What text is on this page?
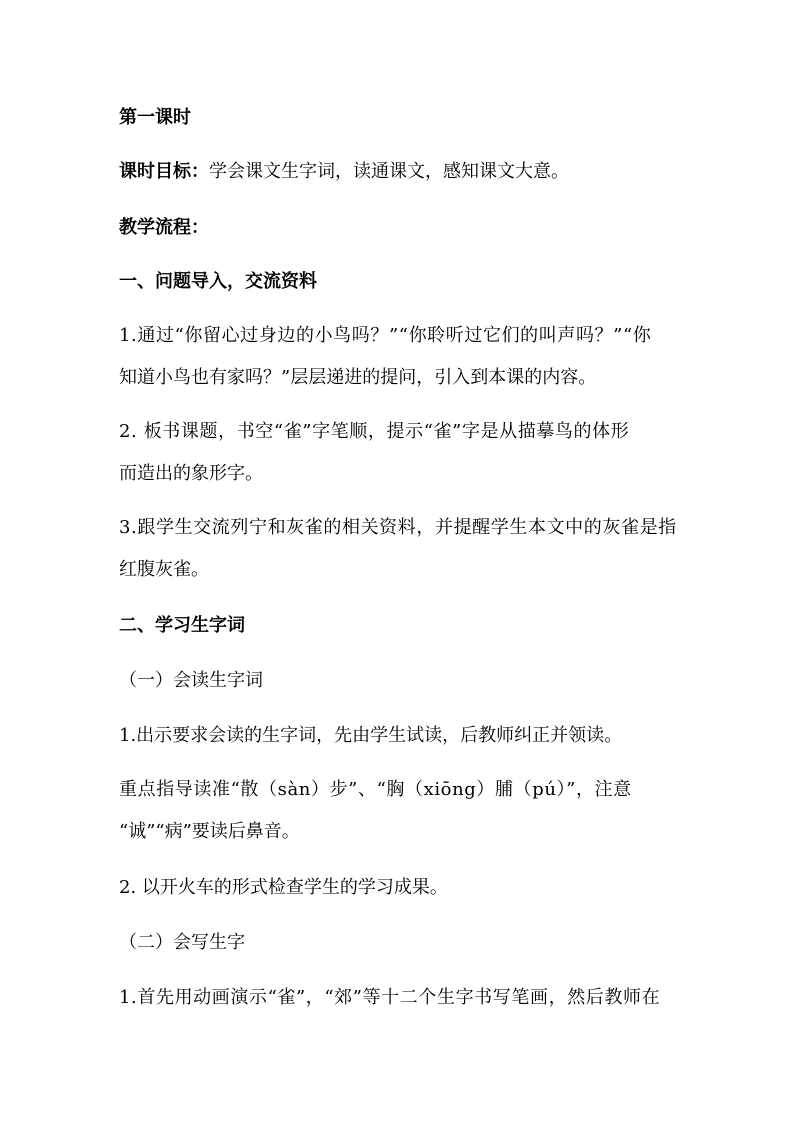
第一课时
课时目标：学会课文生字词，读通课文，感知课文大意。
教学流程：
一、问题导入，交流资料
1.通过“你留心过身边的小鸟吗？”“你聆听过它们的叫声吗？”“你
知道小鸟也有家吗？”层层递进的提问，引入到本课的内容。
2. 板书课题，书空“雀”字笔顺，提示“雀”字是从描摹鸟的体形
而造出的象形字。
3.跟学生交流列宁和灰雀的相关资料，并提醒学生本文中的灰雀是指
红腹灰雀。
二、学习生字词
（一）会读生字词
1.出示要求会读的生字词，先由学生试读，后教师纠正并领读。
重点指导读准“散（sàn）步”、“胸（xiōng）脯（pú）”，注意
“诚”“病”要读后鼻音。
2. 以开火车的形式检查学生的学习成果。
（二）会写生字
1.首先用动画演示“雀”，“郊”等十二个生字书写笔画，然后教师在
